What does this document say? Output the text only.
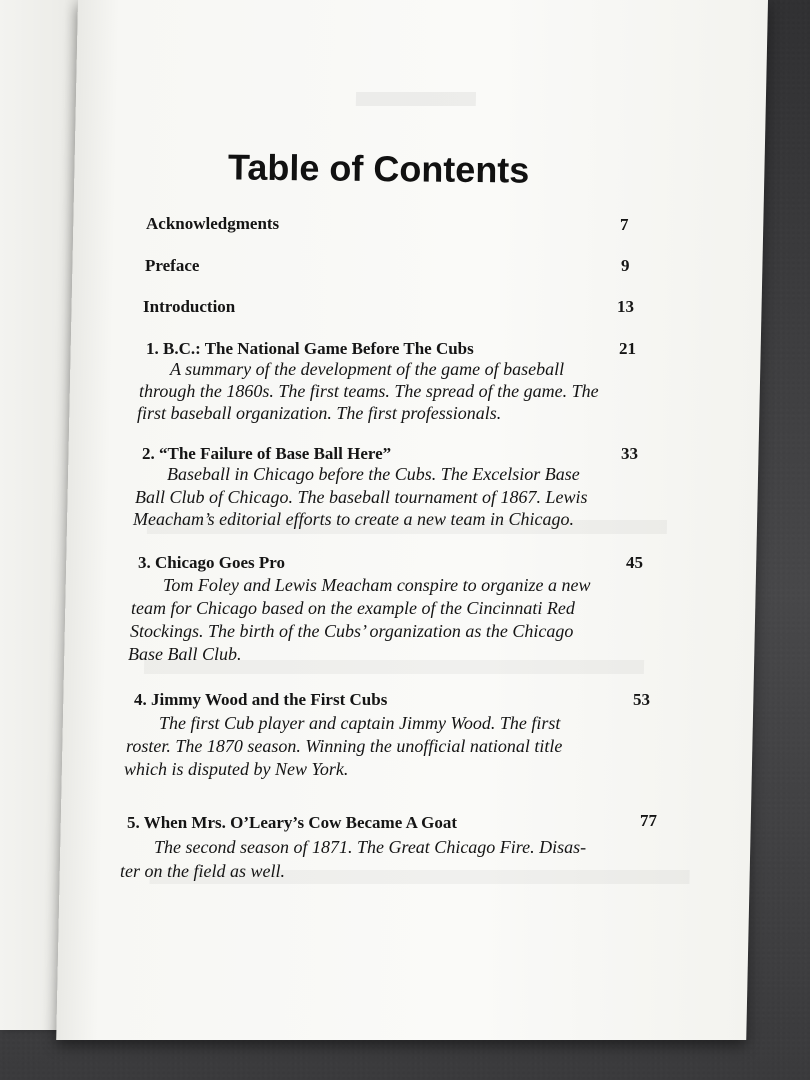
Table of Contents
Acknowledgments	7
Preface	9
Introduction	13
1. B.C.: The National Game Before The Cubs	21
A summary of the development of the game of baseball
through the 1860s. The first teams. The spread of the game. The
first baseball organization. The first professionals.
2. “The Failure of Base Ball Here”	33
Baseball in Chicago before the Cubs. The Excelsior Base
Ball Club of Chicago. The baseball tournament of 1867. Lewis
Meacham’s editorial efforts to create a new team in Chicago.
3. Chicago Goes Pro	45
Tom Foley and Lewis Meacham conspire to organize a new
team for Chicago based on the example of the Cincinnati Red
Stockings. The birth of the Cubs’ organization as the Chicago
Base Ball Club.
4. Jimmy Wood and the First Cubs	53
The first Cub player and captain Jimmy Wood. The first
roster. The 1870 season. Winning the unofficial national title
which is disputed by New York.
5. When Mrs. O’Leary’s Cow Became A Goat	77
The second season of 1871. The Great Chicago Fire. Disas-
ter on the field as well.
